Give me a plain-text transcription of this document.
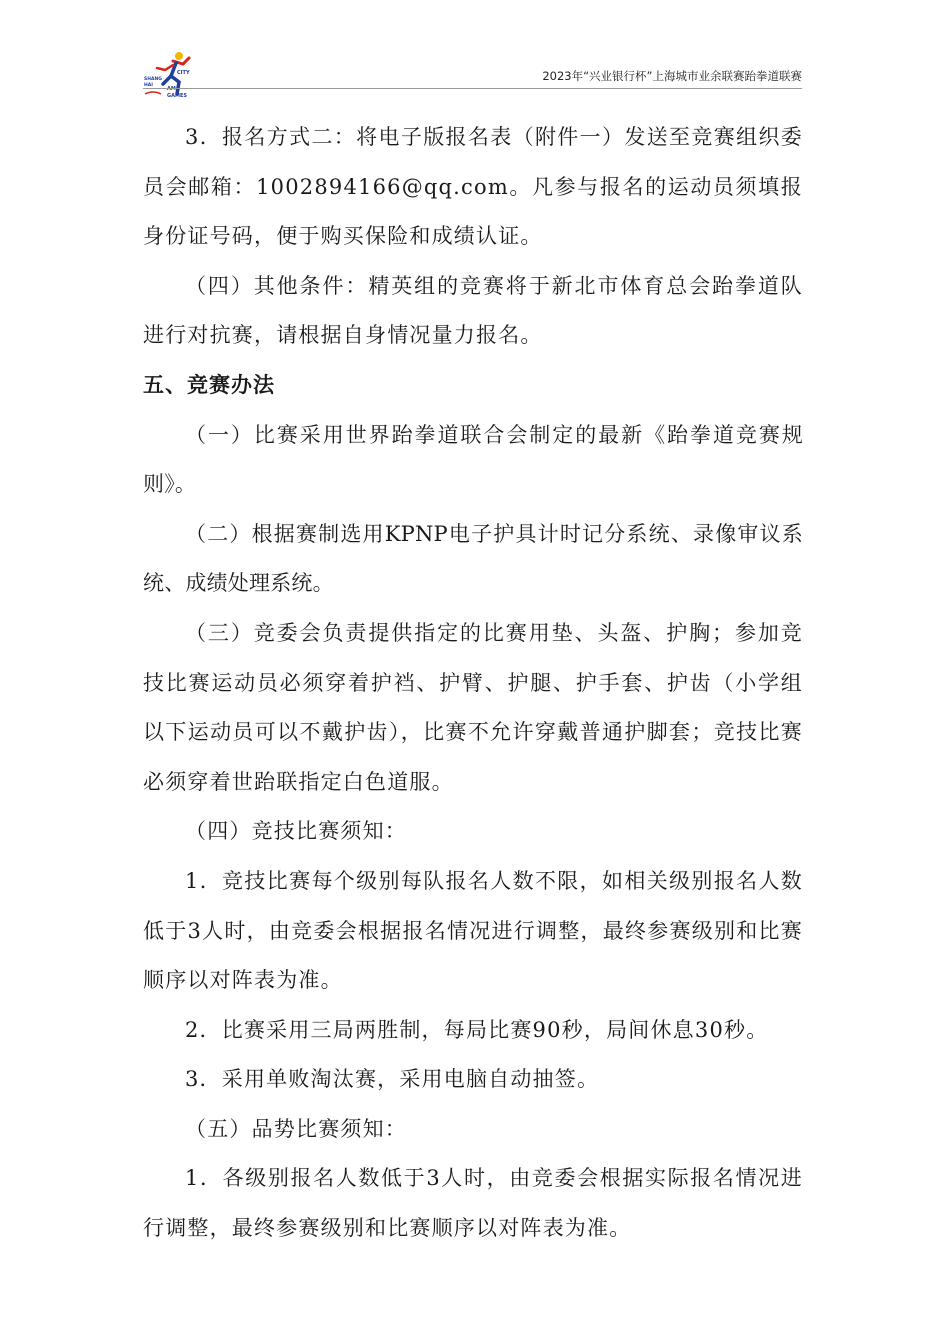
SHANG
HAI
CITY
AMA
GAMES
2023年“兴业银行杯”上海城市业余联赛跆拳道联赛

3．报名方式二：将电子版报名表（附件一）发送至竞赛组织委员会邮箱：1002894166@qq.com。凡参与报名的运动员须填报身份证号码，便于购买保险和成绩认证。

（四）其他条件：精英组的竞赛将于新北市体育总会跆拳道队进行对抗赛，请根据自身情况量力报名。

五、竞赛办法

（一）比赛采用世界跆拳道联合会制定的最新《跆拳道竞赛规则》。

（二）根据赛制选用KPNP电子护具计时记分系统、录像审议系统、成绩处理系统。

（三）竞委会负责提供指定的比赛用垫、头盔、护胸；参加竞技比赛运动员必须穿着护裆、护臂、护腿、护手套、护齿（小学组以下运动员可以不戴护齿），比赛不允许穿戴普通护脚套；竞技比赛必须穿着世跆联指定白色道服。

（四）竞技比赛须知：

1．竞技比赛每个级别每队报名人数不限，如相关级别报名人数低于3人时，由竞委会根据报名情况进行调整，最终参赛级别和比赛顺序以对阵表为准。

2．比赛采用三局两胜制，每局比赛90秒，局间休息30秒。

3．采用单败淘汰赛，采用电脑自动抽签。

（五）品势比赛须知：

1．各级别报名人数低于3人时，由竞委会根据实际报名情况进行调整，最终参赛级别和比赛顺序以对阵表为准。
